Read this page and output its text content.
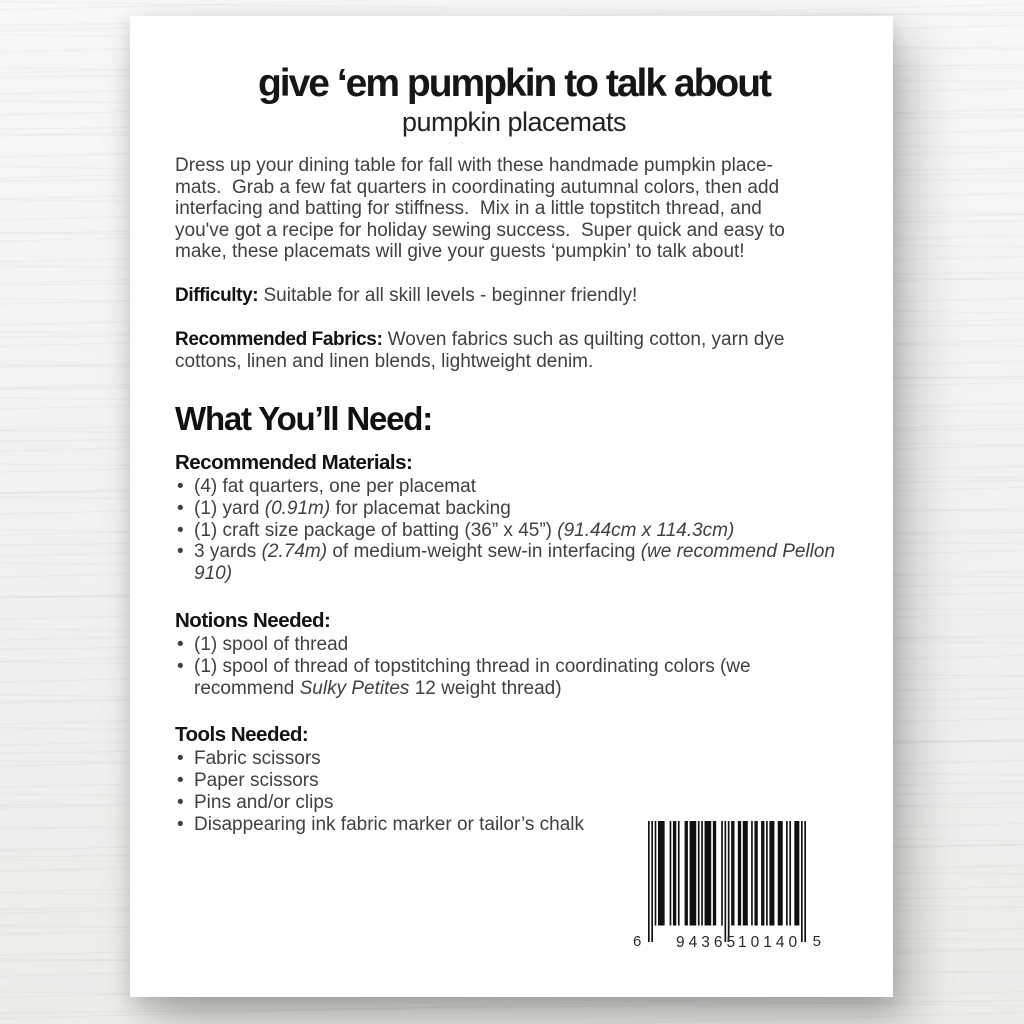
give ‘em pumpkin to talk about
pumpkin placemats
Dress up your dining table for fall with these handmade pumpkin place-
mats.  Grab a few fat quarters in coordinating autumnal colors, then add
interfacing and batting for stiffness.  Mix in a little topstitch thread, and
you've got a recipe for holiday sewing success.  Super quick and easy to
make, these placemats will give your guests ‘pumpkin’ to talk about!

Difficulty: Suitable for all skill levels - beginner friendly!

Recommended Fabrics: Woven fabrics such as quilting cotton, yarn dye cottons, linen and linen blends, lightweight denim.

What You’ll Need:
Recommended Materials:
• (4) fat quarters, one per placemat
• (1) yard (0.91m) for placemat backing
• (1) craft size package of batting (36” x 45”) (91.44cm x 114.3cm)
• 3 yards (2.74m) of medium-weight sew-in interfacing (we recommend Pellon 910)
Notions Needed:
• (1) spool of thread
• (1) spool of thread of topstitching thread in coordinating colors (we recommend Sulky Petites 12 weight thread)
Tools Needed:
• Fabric scissors
• Paper scissors
• Pins and/or clips
• Disappearing ink fabric marker or tailor’s chalk
6 94365
10140 5
